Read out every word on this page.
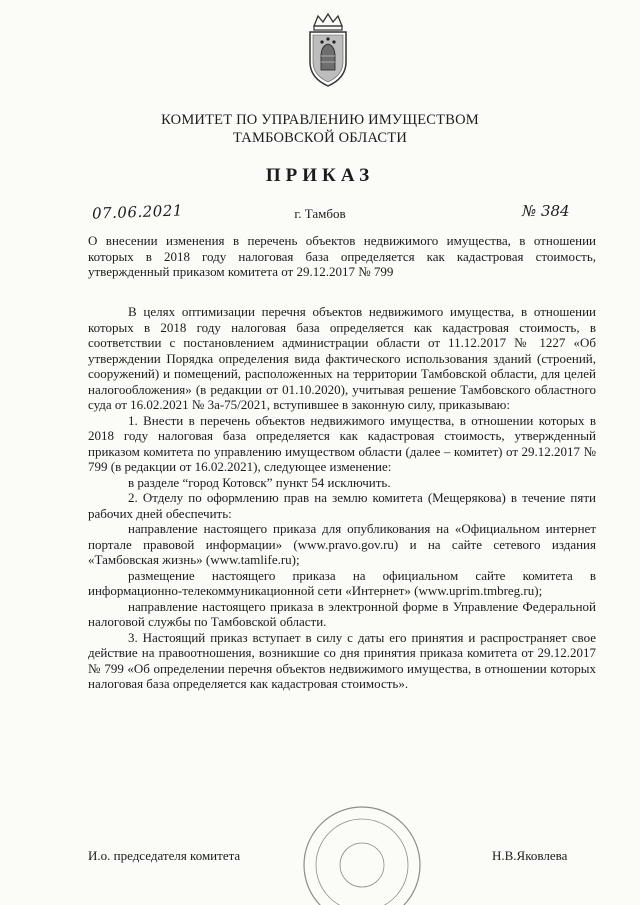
КОМИТЕТ ПО УПРАВЛЕНИЮ ИМУЩЕСТВОМ
ТАМБОВСКОЙ ОБЛАСТИ
ПРИКАЗ
07.06.2021	г. Тамбов	№ 384
О внесении изменения в перечень объектов недвижимого имущества, в отношении которых в 2018 году налоговая база определяется как кадастровая стоимость, утвержденный приказом комитета от 29.12.2017 № 799

В целях оптимизации перечня объектов недвижимого имущества, в отношении которых в 2018 году налоговая база определяется как кадастровая стоимость, в соответствии с постановлением администрации области от 11.12.2017 № 1227 «Об утверждении Порядка определения вида фактического использования зданий (строений, сооружений) и помещений, расположенных на территории Тамбовской области, для целей налогообложения» (в редакции от 01.10.2020), учитывая решение Тамбовского областного суда от 16.02.2021 № 3а-75/2021, вступившее в законную силу, приказываю:

1. Внести в перечень объектов недвижимого имущества, в отношении которых в 2018 году налоговая база определяется как кадастровая стоимость, утвержденный приказом комитета по управлению имуществом области (далее – комитет) от 29.12.2017 № 799 (в редакции от 16.02.2021), следующее изменение:

в разделе “город Котовск” пункт 54 исключить.

2. Отделу по оформлению прав на землю комитета (Мещерякова) в течение пяти рабочих дней обеспечить:

направление настоящего приказа для опубликования на «Официальном интернет портале правовой информации» (www.pravo.gov.ru) и на сайте сетевого издания «Тамбовская жизнь» (www.tamlife.ru);

размещение настоящего приказа на официальном сайте комитета в информационно-телекоммуникационной сети «Интернет» (www.uprim.tmbreg.ru);

направление настоящего приказа в электронной форме в Управление Федеральной налоговой службы по Тамбовской области.

3. Настоящий приказ вступает в силу с даты его принятия и распространяет свое действие на правоотношения, возникшие со дня принятия приказа комитета от 29.12.2017 № 799 «Об определении перечня объектов недвижимого имущества, в отношении которых налоговая база определяется как кадастровая стоимость».

И.о. председателя комитета	Н.В.Яковлева
